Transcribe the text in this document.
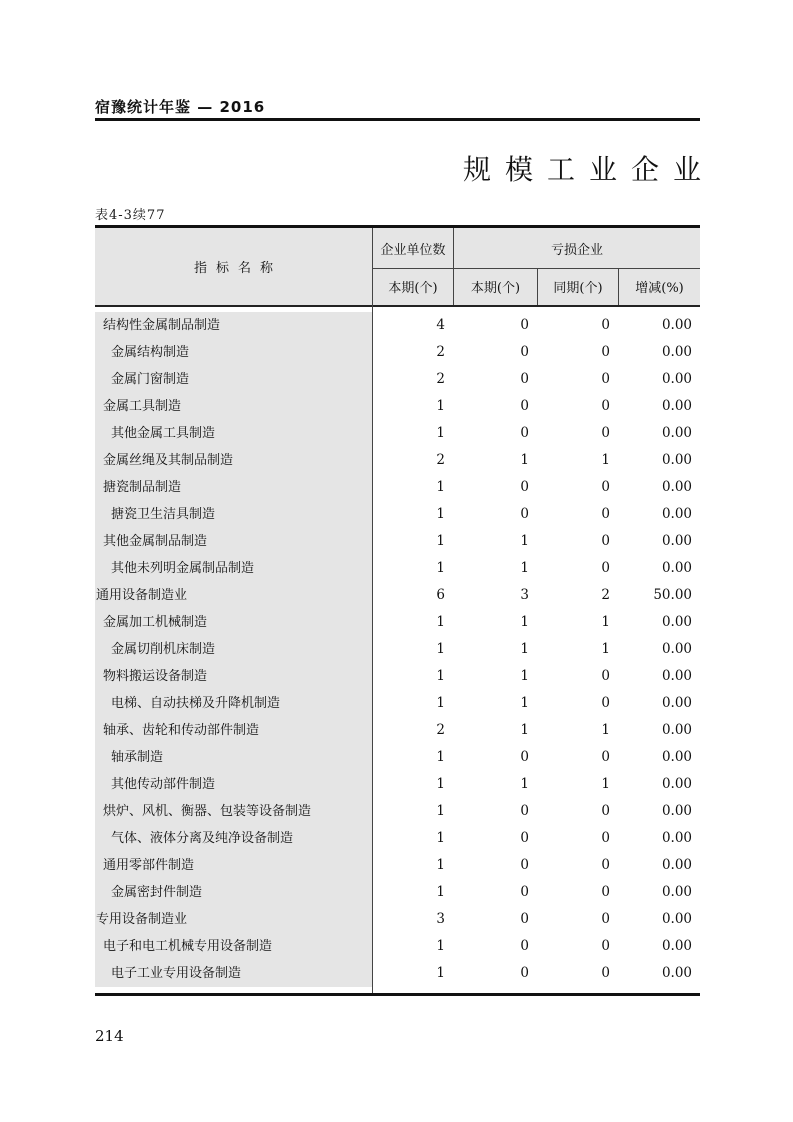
宿豫统计年鉴 — 2016
规模工业企业
表4-3续77
指标名称
企业单位数	亏损企业
本期(个)	本期(个)	同期(个)	增减(%)
结构性金属制品制造	4	0	0	0.00
金属结构制造	2	0	0	0.00
金属门窗制造	2	0	0	0.00
金属工具制造	1	0	0	0.00
其他金属工具制造	1	0	0	0.00
金属丝绳及其制品制造	2	1	1	0.00
搪瓷制品制造	1	0	0	0.00
搪瓷卫生洁具制造	1	0	0	0.00
其他金属制品制造	1	1	0	0.00
其他未列明金属制品制造	1	1	0	0.00
通用设备制造业	6	3	2	50.00
金属加工机械制造	1	1	1	0.00
金属切削机床制造	1	1	1	0.00
物料搬运设备制造	1	1	0	0.00
电梯、自动扶梯及升降机制造	1	1	0	0.00
轴承、齿轮和传动部件制造	2	1	1	0.00
轴承制造	1	0	0	0.00
其他传动部件制造	1	1	1	0.00
烘炉、风机、衡器、包装等设备制造	1	0	0	0.00
气体、液体分离及纯净设备制造	1	0	0	0.00
通用零部件制造	1	0	0	0.00
金属密封件制造	1	0	0	0.00
专用设备制造业	3	0	0	0.00
电子和电工机械专用设备制造	1	0	0	0.00
电子工业专用设备制造	1	0	0	0.00
214
